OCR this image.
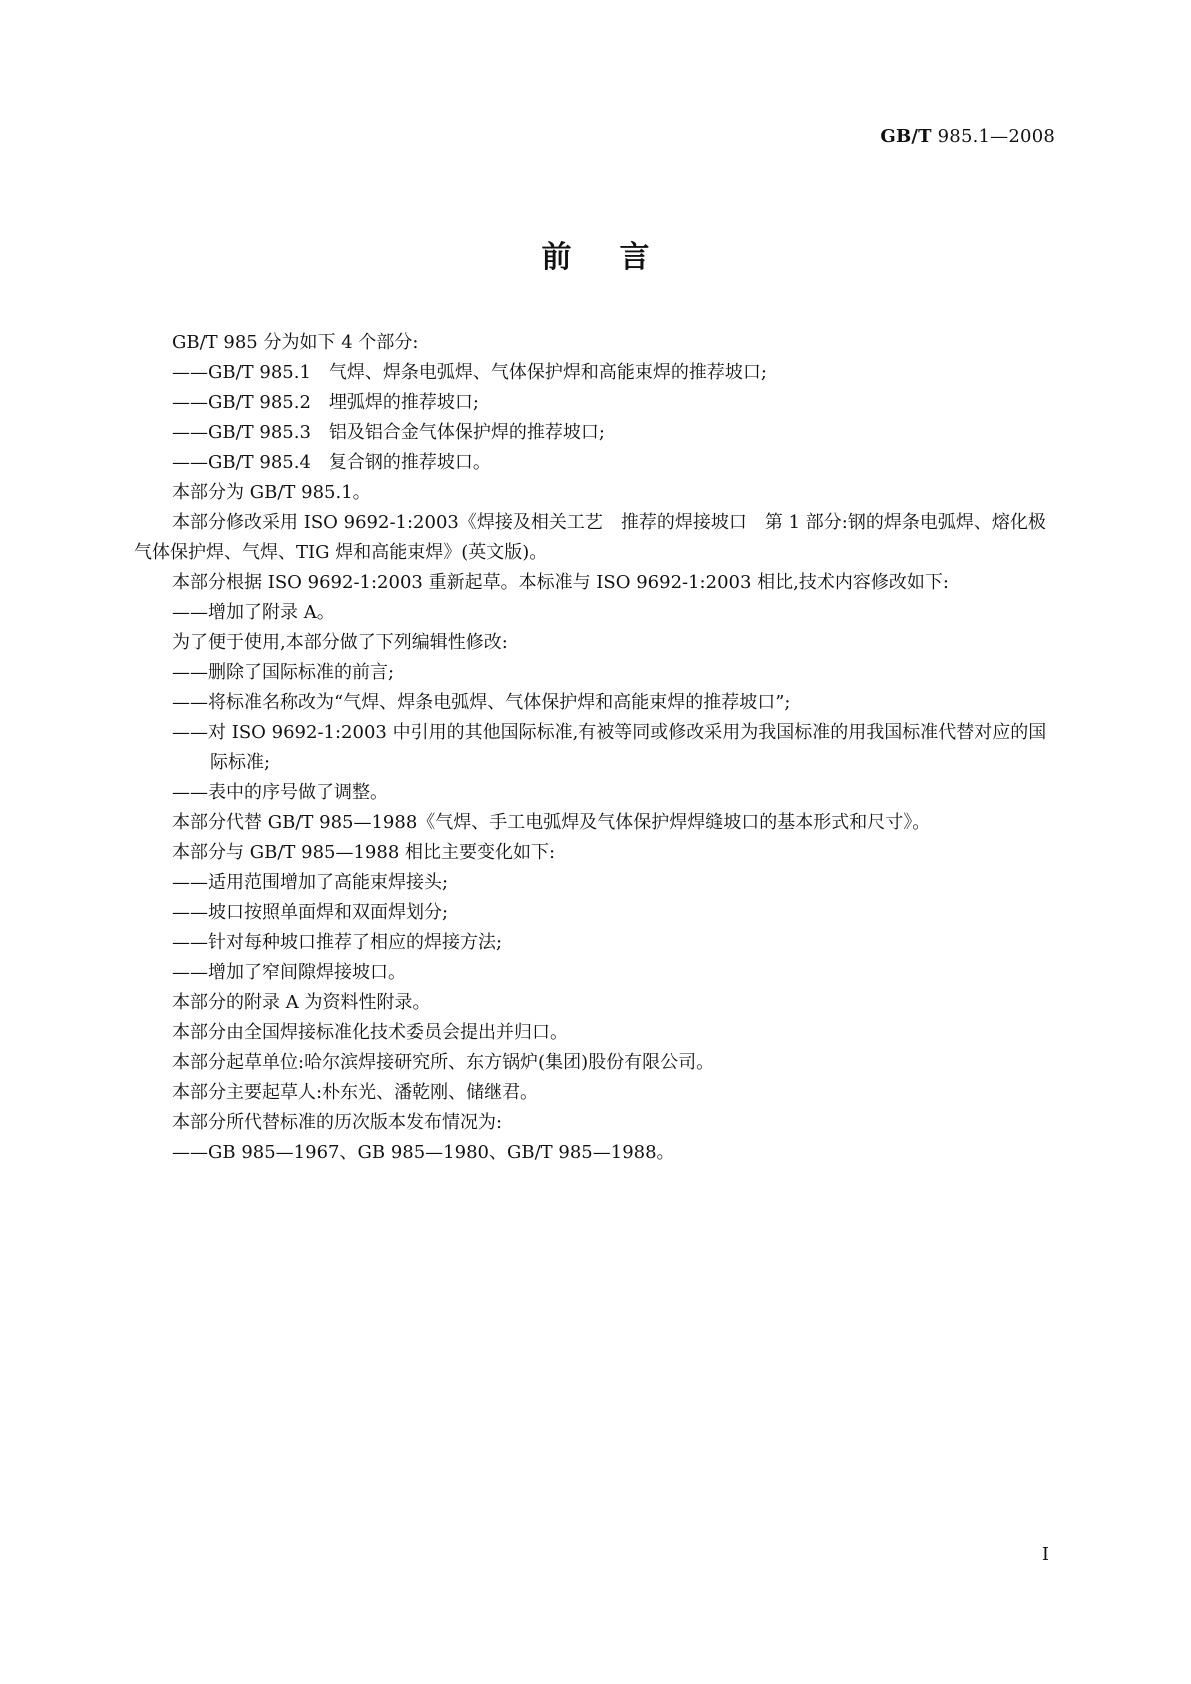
GB/T 985.1—2008
前言

GB/T 985 分为如下 4 个部分:

——GB/T 985.1　气焊、焊条电弧焊、气体保护焊和高能束焊的推荐坡口;

——GB/T 985.2　埋弧焊的推荐坡口;

——GB/T 985.3　铝及铝合金气体保护焊的推荐坡口;

——GB/T 985.4　复合钢的推荐坡口。

本部分为 GB/T 985.1。

本部分修改采用 ISO 9692-1:2003《焊接及相关工艺　推荐的焊接坡口　第 1 部分:钢的焊条电弧焊、熔化极气体保护焊、气焊、TIG 焊和高能束焊》(英文版)。

本部分根据 ISO 9692-1:2003 重新起草。本标准与 ISO 9692-1:2003 相比,技术内容修改如下:

——增加了附录 A。

为了便于使用,本部分做了下列编辑性修改:

——删除了国际标准的前言;

——将标准名称改为“气焊、焊条电弧焊、气体保护焊和高能束焊的推荐坡口”;

——对 ISO 9692-1:2003 中引用的其他国际标准,有被等同或修改采用为我国标准的用我国标准代替对应的国际标准;

——表中的序号做了调整。

本部分代替 GB/T 985—1988《气焊、手工电弧焊及气体保护焊焊缝坡口的基本形式和尺寸》。

本部分与 GB/T 985—1988 相比主要变化如下:

——适用范围增加了高能束焊接头;

——坡口按照单面焊和双面焊划分;

——针对每种坡口推荐了相应的焊接方法;

——增加了窄间隙焊接坡口。

本部分的附录 A 为资料性附录。

本部分由全国焊接标准化技术委员会提出并归口。

本部分起草单位:哈尔滨焊接研究所、东方锅炉(集团)股份有限公司。

本部分主要起草人:朴东光、潘乾刚、储继君。

本部分所代替标准的历次版本发布情况为:

——GB 985—1967、GB 985—1980、GB/T 985—1988。

I
